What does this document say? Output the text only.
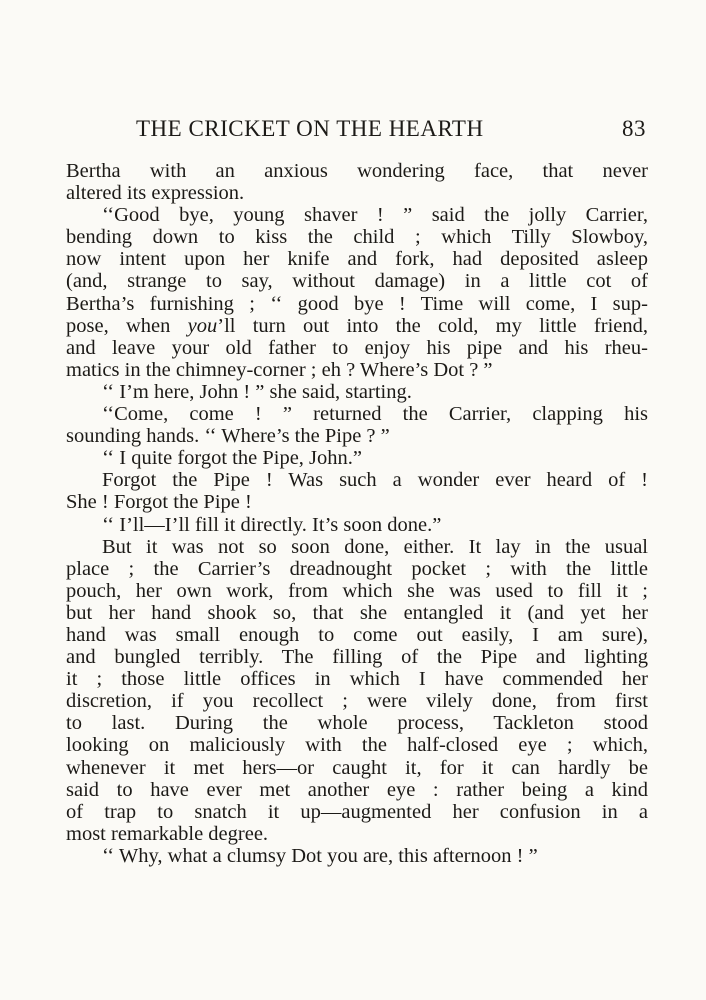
THE CRICKET ON THE HEARTH	83
Bertha with an anxious wondering face, that never
altered its expression.
‘‘Good bye, young shaver ! ” said the jolly Carrier,
bending down to kiss the child ; which Tilly Slowboy,
now intent upon her knife and fork, had deposited asleep
(and, strange to say, without damage) in a little cot of
Bertha’s furnishing ; ‘‘ good bye ! Time will come, I sup-
pose, when you’ll turn out into the cold, my little friend,
and leave your old father to enjoy his pipe and his rheu-
matics in the chimney-corner ; eh ? Where’s Dot ? ”
‘‘ I’m here, John ! ” she said, starting.
‘‘Come, come ! ” returned the Carrier, clapping his
sounding hands. ‘‘ Where’s the Pipe ? ”
‘‘ I quite forgot the Pipe, John.”
Forgot the Pipe ! Was such a wonder ever heard of !
She ! Forgot the Pipe !
‘‘ I’ll—I’ll fill it directly. It’s soon done.”
But it was not so soon done, either. It lay in the usual
place ; the Carrier’s dreadnought pocket ; with the little
pouch, her own work, from which she was used to fill it ;
but her hand shook so, that she entangled it (and yet her
hand was small enough to come out easily, I am sure),
and bungled terribly. The filling of the Pipe and lighting
it ; those little offices in which I have commended her
discretion, if you recollect ; were vilely done, from first
to last. During the whole process, Tackleton stood
looking on maliciously with the half-closed eye ; which,
whenever it met hers—or caught it, for it can hardly be
said to have ever met another eye : rather being a kind
of trap to snatch it up—augmented her confusion in a
most remarkable degree.
‘‘ Why, what a clumsy Dot you are, this afternoon ! ”
